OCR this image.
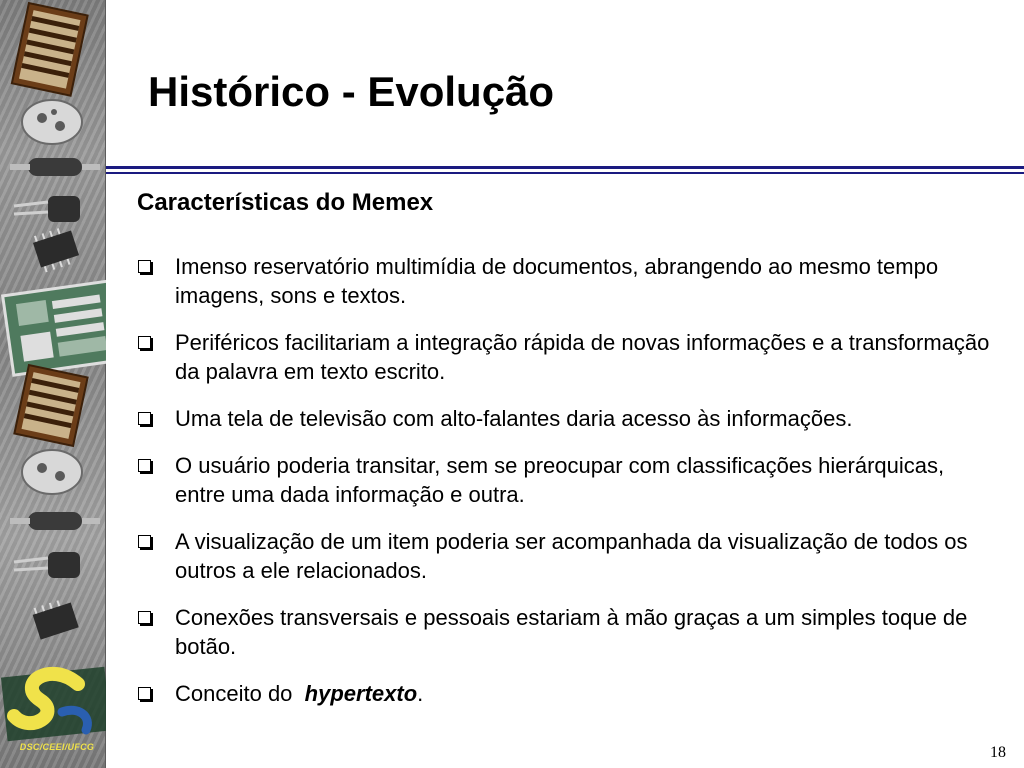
DSC/CEEI/UFCG
Histórico - Evolução
Características do Memex
Imenso reservatório multimídia de documentos, abrangendo ao mesmo tempo imagens, sons e textos.
Periféricos facilitariam a integração rápida de novas informações e a transformação da palavra em texto escrito.
Uma tela de televisão com alto-falantes daria acesso às informações.
O usuário poderia transitar, sem se preocupar com classificações hierárquicas, entre uma dada informação e outra.
A visualização de um item poderia ser acompanhada da visualização de todos os outros a ele relacionados.
Conexões transversais e pessoais estariam à mão graças a um simples toque de botão.
Conceito do hypertexto.
18
